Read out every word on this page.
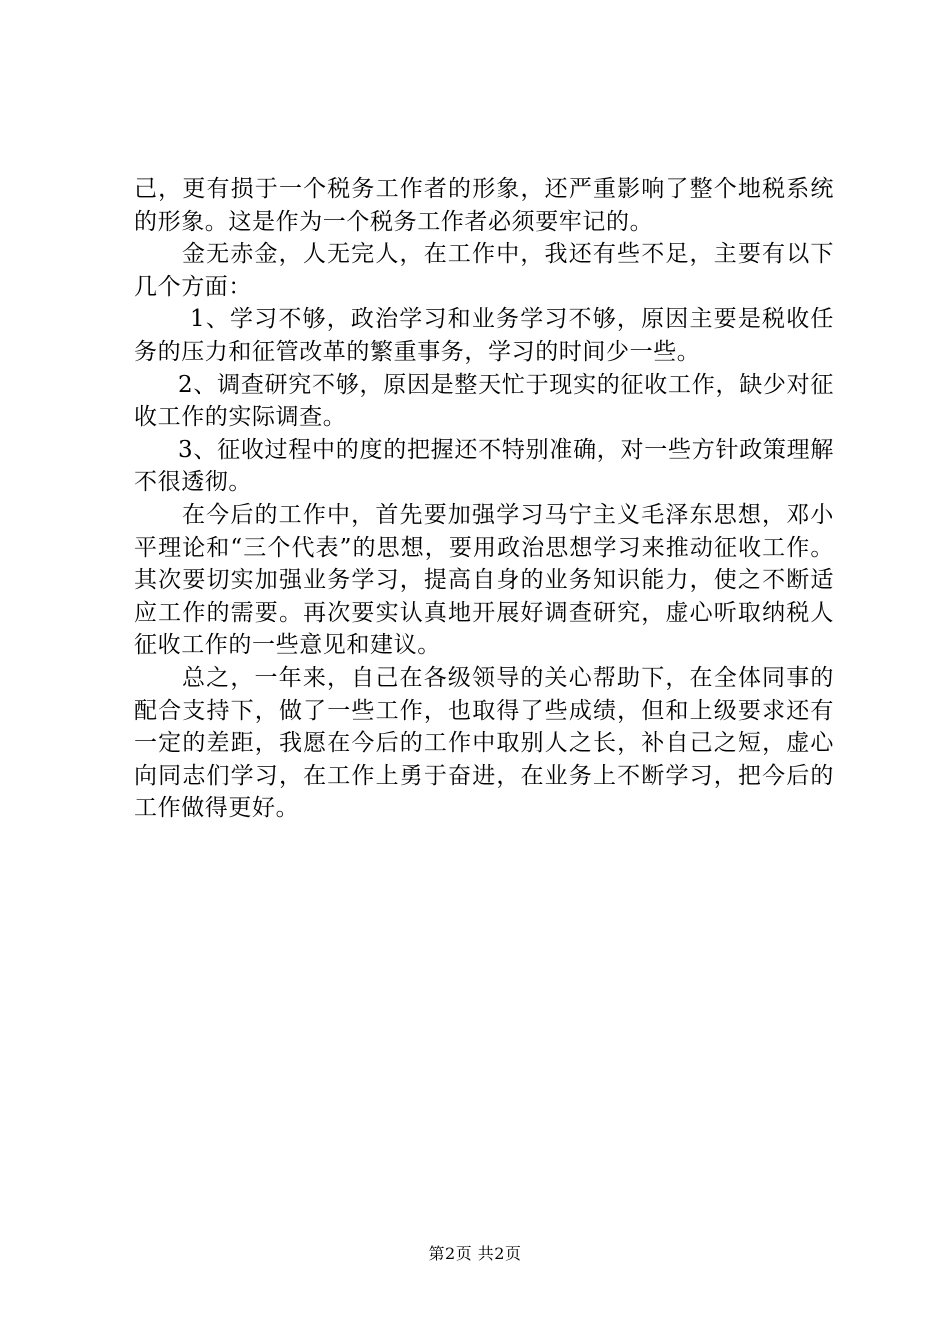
己，更有损于一个税务工作者的形象，还严重影响了整个地税系统的形象。这是作为一个税务工作者必须要牢记的。

金无赤金，人无完人，在工作中，我还有些不足，主要有以下几个方面：

1、学习不够，政治学习和业务学习不够，原因主要是税收任务的压力和征管改革的繁重事务，学习的时间少一些。

2、调查研究不够，原因是整天忙于现实的征收工作，缺少对征收工作的实际调查。

3、征收过程中的度的把握还不特别准确，对一些方针政策理解不很透彻。

在今后的工作中，首先要加强学习马宁主义毛泽东思想，邓小平理论和“三个代表”的思想，要用政治思想学习来推动征收工作。其次要切实加强业务学习，提高自身的业务知识能力，使之不断适应工作的需要。再次要实认真地开展好调查研究，虚心听取纳税人征收工作的一些意见和建议。

总之，一年来，自己在各级领导的关心帮助下，在全体同事的配合支持下，做了一些工作，也取得了些成绩，但和上级要求还有一定的差距，我愿在今后的工作中取别人之长，补自己之短，虚心向同志们学习，在工作上勇于奋进，在业务上不断学习，把今后的工作做得更好。

第2页 共2页
